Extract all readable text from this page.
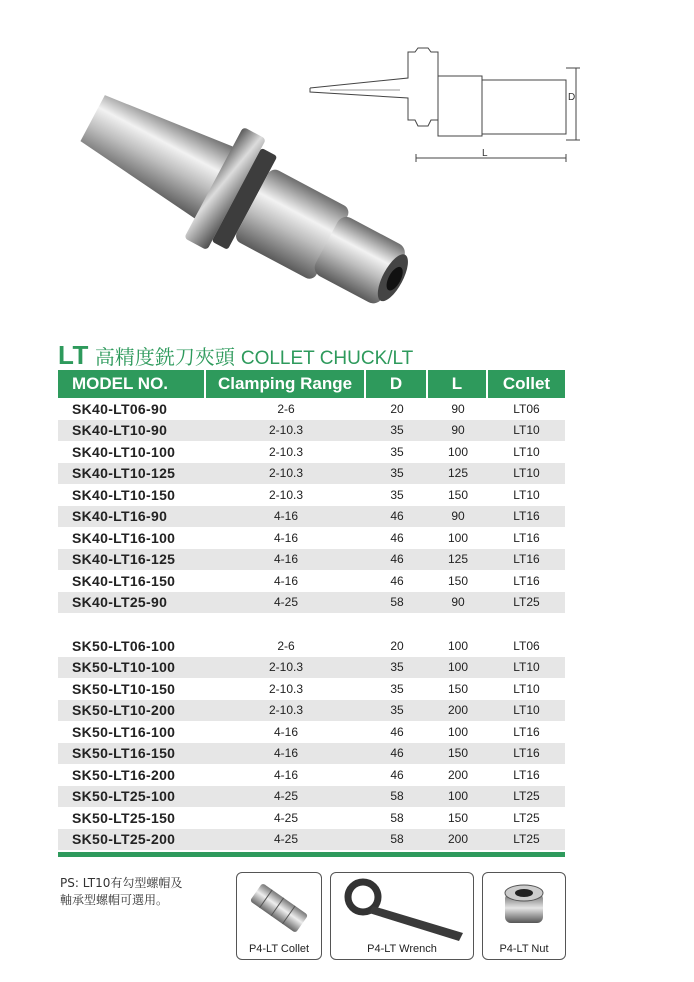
D
L
LT 高精度銑刀夾頭 COLLET CHUCK/LT
MODEL NO.	Clamping Range	D	L	Collet
SK40-LT06-90	2-6	20	90	LT06
SK40-LT10-90	2-10.3	35	90	LT10
SK40-LT10-100	2-10.3	35	100	LT10
SK40-LT10-125	2-10.3	35	125	LT10
SK40-LT10-150	2-10.3	35	150	LT10
SK40-LT16-90	4-16	46	90	LT16
SK40-LT16-100	4-16	46	100	LT16
SK40-LT16-125	4-16	46	125	LT16
SK40-LT16-150	4-16	46	150	LT16
SK40-LT25-90	4-25	58	90	LT25

SK50-LT06-100	2-6	20	100	LT06
SK50-LT10-100	2-10.3	35	100	LT10
SK50-LT10-150	2-10.3	35	150	LT10
SK50-LT10-200	2-10.3	35	200	LT10
SK50-LT16-100	4-16	46	100	LT16
SK50-LT16-150	4-16	46	150	LT16
SK50-LT16-200	4-16	46	200	LT16
SK50-LT25-100	4-25	58	100	LT25
SK50-LT25-150	4-25	58	150	LT25
SK50-LT25-200	4-25	58	200	LT25
PS: LT10有勾型螺帽及
軸承型螺帽可選用。
P4-LT Collet	P4-LT Wrench	P4-LT Nut
